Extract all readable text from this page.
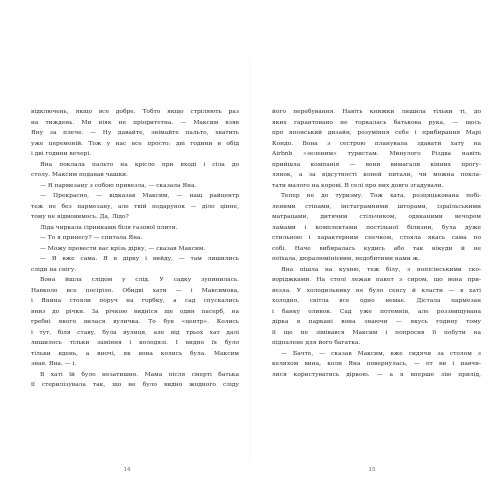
відключень, якщо все добре. Тобто якщо стріляють раз

на тиждень. Ми ніяк не пріоритетна. — Максим взяв

Яну за плече. — Ну давайте, знімайте пальто, хватить

уже церемоній. Тож у нас все просто: дві години в обід

і дві години вечері.

Яна поклала пальто на крісло при вході і сіла до

столу. Максим подавав чашки.

— Я пармезану з собою привезла, — сказала Яна.

— Прекрасно, — відказав Максим, — наш райцентр

теж не без пармезану, але твій подарунок — діло цінне,

тому не відмовимось. Да, Лідо?

Ліда чиркала сірниками біля газової плити.

— То я принесу? — спитала Яна.

— Можу провести вас крізь дірку, — сказав Максим.

— Я вже сама. Я в дірку і вийду, — там лишились

сліди на снігу.

Вона йшла слідом у слід. У садку зупинилась.

Навколо все посіріло. Обидві хати — і Максимова,

і Янина стояли поруч на горбку, а сад спускались

вниз до річки. За річкою видніся ще один пасерб, на

гребні якого вилася вуличка. То був «центр». Колись

і тут, біля ставу, була вулиця, але від трьох хат далі

лишилось тільки заміння і колодязі. І видно їх було

тільки вдень, а вночі, як вона колись була. Максим

знав. Яна. — і.

В хаті їй було незатишно. Мама після смерті батька

її стерилізувала так, що не було видно жодного сліду

його перебування. Навіть книжки лишила тільки ті, до

яких гарантовано не торкалась батькова рука, — щось

про японський дизайн, розуміння себе і прибирання Марі

Кондо. Вона з сестрою планувала здавати хату на

Airbnb «зеленим» туристам. Минулого Різдва навіть

прийшла компанія — вони вимагали кінних прогу-

лянок, а за відсутності коней питали, чи можна покла-

тати малого на корові. В селі про них довго згадували.

Тепер не до туризму. Тож хата, розцяцькована побі-

леними стінами, інстаграмними шторами, ізраїльськими

матрацами, дитячим стільчиком, одяканими вечором

ламами і комплектами постільної білизни, була дуже

стильною і характерним спечком, стояла якась сама по

собі. Наче вибиралась кудись або так нікуди й не

поїхала, дюралюмінієвим, недобитими нами ж.

Яна пішла на кухню, теж білу, з нопісінськими ско-

воріджками. На столі лежав пакет з сиром, що вона при-

везла. У холодильнику не було сенсу й класти — в хаті

холодно, світла все одно немає. Дістала пармезан

і банку оливок. Сад уже потемнів, але роззвищувана

дірка в паркані вона знаючи — якусь годину тому

її ще не зімівався Максим і попросив її побути на

підпалене для його багатка.

— Бачте, — сказав Максим, вже сидячи за столом з

келихом вина, коли Яна повернулась, — от ви і навчи-

лися користуватись діркою. — а я вперше зію прилід,

14	15
